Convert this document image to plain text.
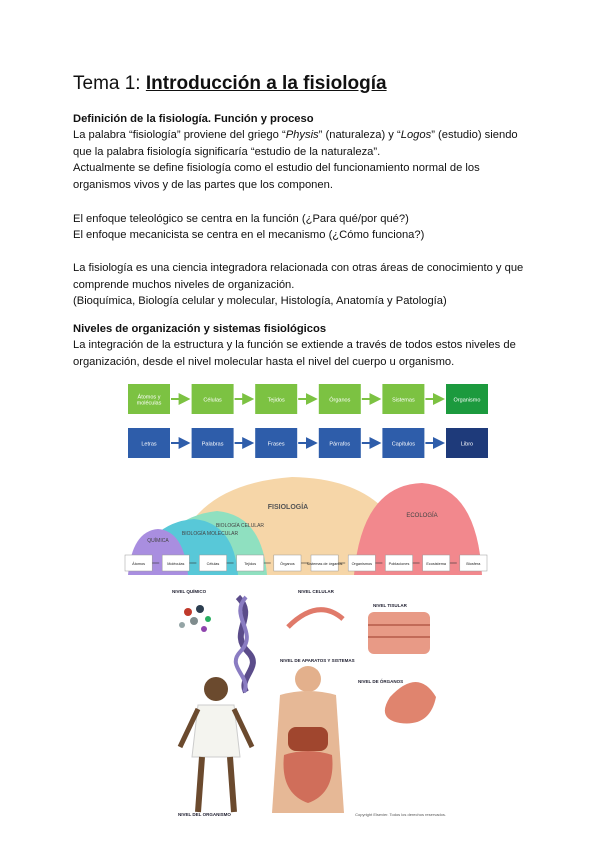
Tema 1: Introducción a la fisiología
Definición de la fisiología. Función y proceso
La palabra “fisiología” proviene del griego “Physis” (naturaleza) y “Logos” (estudio) siendo que la palabra fisiología significaría “estudio de la naturaleza”.
Actualmente se define fisiología como el estudio del funcionamiento normal de los organismos vivos y de las partes que los componen.
El enfoque teleológico se centra en la función (¿Para qué/por qué?)
El enfoque mecanicista se centra en el mecanismo (¿Cómo funciona?)
La fisiología es una ciencia integradora relacionada con otras áreas de conocimiento y que comprende muchos niveles de organización.
(Bioquímica, Biología celular y molecular, Histología, Anatomía y Patología)
Niveles de organización y sistemas fisiológicos
La integración de la estructura y la función se extiende a través de todos estos niveles de organización, desde el nivel molecular hasta el nivel del cuerpo u organismo.
Átomos y
moléculas	Células	Tejidos	Órganos	Sistemas	Organismo
Letras	Palabras	Frases	Párrafos	Capítulos	Libro
FISIOLOGÍA
ECOLOGÍA
BIOLOGÍA CELULAR
BIOLOGÍA MOLECULAR
QUÍMICA
Átomos	Moléculas	Células	Tejidos	Órganos	Sistemas de órganos Organismos	Poblaciones	Ecosistema	Biosfera
NIVEL QUÍMICO	NIVEL CELULAR
NIVEL TISULAR
NIVEL DE APARATOS Y SISTEMAS
NIVEL DE ÓRGANOS
NIVEL DEL ORGANISMO	Copyright Elsevier. Todos los derechos reservados.
